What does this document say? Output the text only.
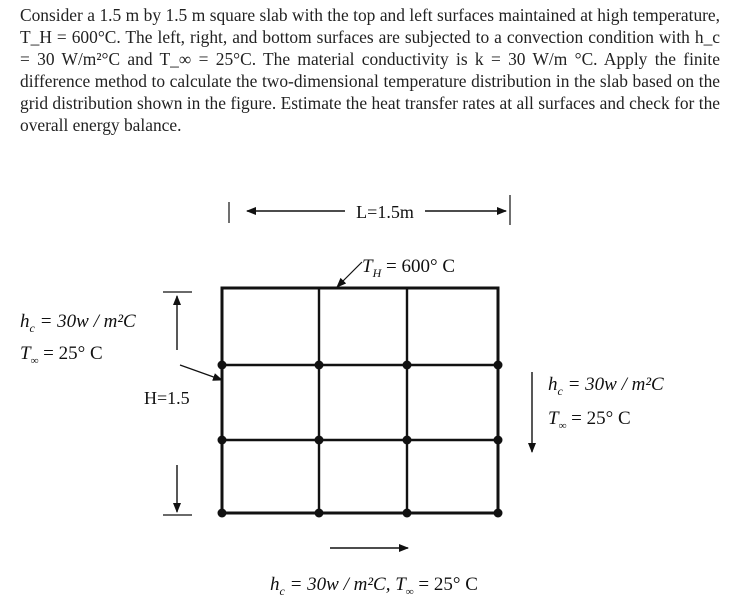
Consider a 1.5 m by 1.5 m square slab with the top and left surfaces maintained at high temperature, T_H = 600°C. The left, right, and bottom surfaces are subjected to a convection condition with h_c = 30 W/m²°C and T_∞ = 25°C. The material conductivity is k = 30 W/m °C. Apply the finite difference method to calculate the two-dimensional temperature distribution in the slab based on the grid distribution shown in the figure. Estimate the heat transfer rates at all surfaces and check for the overall energy balance.

L=1.5m
$T_H = 600^\circ$ C
$h_c = 30w / m^2C$
$T_\infty = 25^\circ$ C
H=1.5
$h_c = 30w / m^2C$
$T_\infty = 25^\circ$ C
$h_c = 30w / m^2C$, $T_\infty = 25^\circ$ C
